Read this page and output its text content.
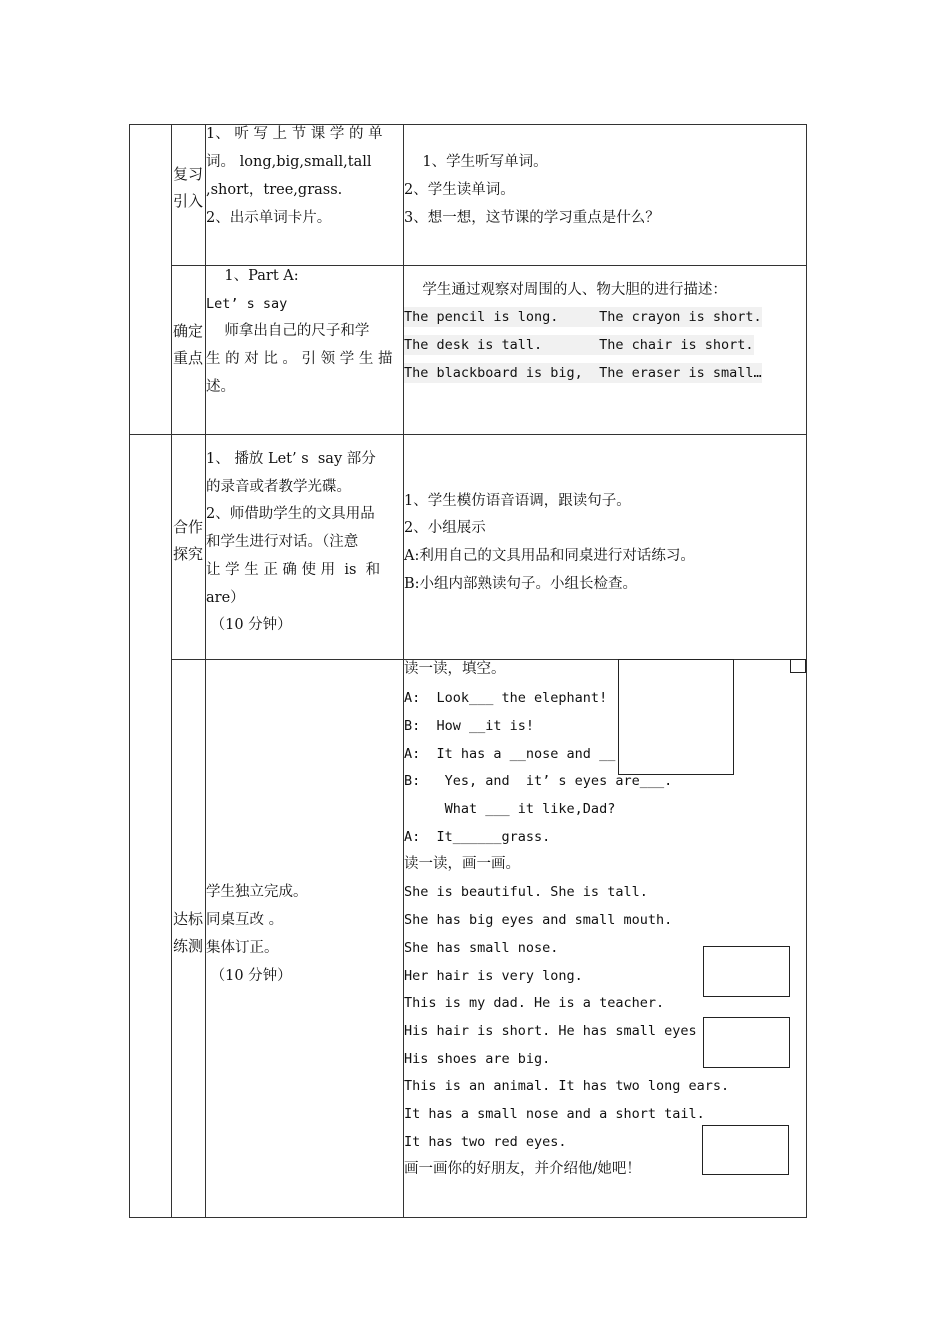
复习
引入
1、 听 写 上 节 课 学 的 单
词。 long,big,small,tall
,short，tree,grass.
2、出示单词卡片。
1、学生听写单词。
2、学生读单词。
3、想一想，这节课的学习重点是什么？
确定
重点
1、Part A:
Let’ s say
师拿出自己的尺子和学
生 的 对 比 。 引 领 学 生 描
述。
学生通过观察对周围的人、物大胆的进行描述：
The pencil is long.     The crayon is short.
The desk is tall.       The chair is short.
The blackboard is big,  The eraser is small…
合作
探究
1、 播放 Let’ s  say 部分
的录音或者教学光碟。
2、师借助学生的文具用品
和学生进行对话。（注意
让 学 生 正 确 使 用  is  和
are）
（10 分钟）
1、学生模仿语音语调，跟读句子。
2、小组展示
A:利用自己的文具用品和同桌进行对话练习。
B:小组内部熟读句子。小组长检查。
达标
练测
学生独立完成。
同桌互改 。
集体订正。
（10 分钟）
读一读，填空。
A:  Look___ the elephant!
B:  How __it is!
A:  It has a __nose and __
B:   Yes, and  it’ s eyes are___.
What ___ it like,Dad?
A:  It______grass.
读一读，画一画。
She is beautiful. She is tall.
She has big eyes and small mouth.
She has small nose.
Her hair is very long.
This is my dad. He is a teacher.
His hair is short. He has small eyes
His shoes are big.
This is an animal. It has two long ears.
It has a small nose and a short tail.
It has two red eyes.
画一画你的好朋友，并介绍他/她吧！
